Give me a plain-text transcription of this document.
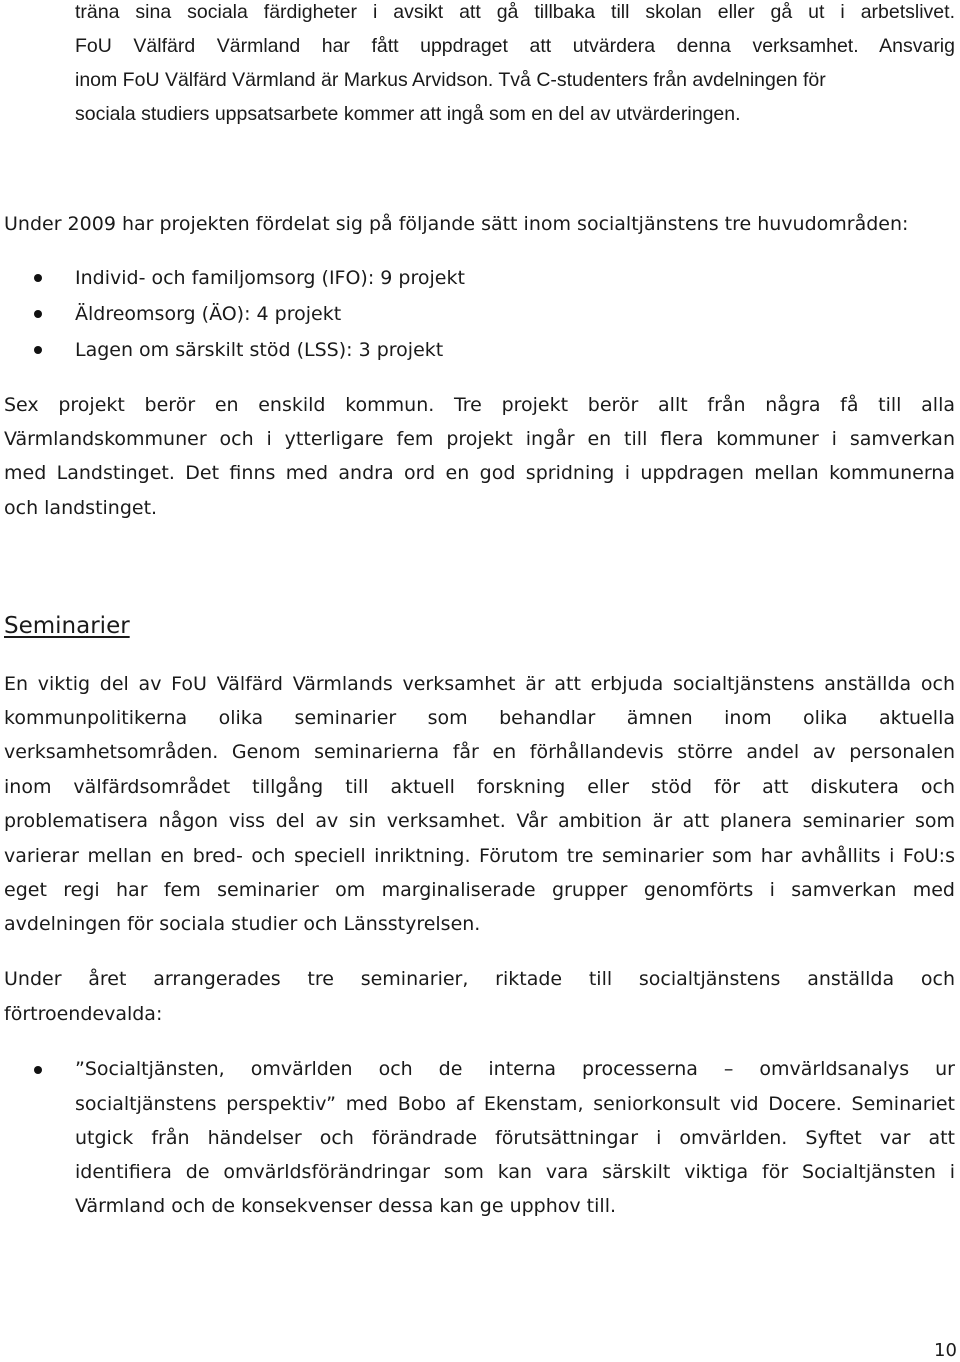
träna sina sociala färdigheter i avsikt att gå tillbaka till skolan eller gå ut i arbetslivet.
FoU Välfärd Värmland har fått uppdraget att utvärdera denna verksamhet. Ansvarig
inom FoU Välfärd Värmland är Markus Arvidson. Två C-studenters från avdelningen för
sociala studiers uppsatsarbete kommer att ingå som en del av utvärderingen.
Under 2009 har projekten fördelat sig på följande sätt inom socialtjänstens tre huvudområden:
Individ- och familjomsorg (IFO): 9 projekt
Äldreomsorg (ÄO): 4 projekt
Lagen om särskilt stöd (LSS): 3 projekt
Sex projekt berör en enskild kommun. Tre projekt berör allt från några få till alla
Värmlandskommuner och i ytterligare fem projekt ingår en till flera kommuner i samverkan
med Landstinget. Det finns med andra ord en god spridning i uppdragen mellan kommunerna
och landstinget.
Seminarier
En viktig del av FoU Välfärd Värmlands verksamhet är att erbjuda socialtjänstens anställda och
kommunpolitikerna olika seminarier som behandlar ämnen inom olika aktuella
verksamhetsområden. Genom seminarierna får en förhållandevis större andel av personalen
inom välfärdsområdet tillgång till aktuell forskning eller stöd för att diskutera och
problematisera någon viss del av sin verksamhet. Vår ambition är att planera seminarier som
varierar mellan en bred- och speciell inriktning. Förutom tre seminarier som har avhållits i FoU:s
eget regi har fem seminarier om marginaliserade grupper genomförts i samverkan med
avdelningen för sociala studier och Länsstyrelsen.
Under året arrangerades tre seminarier, riktade till socialtjänstens anställda och
förtroendevalda:
”Socialtjänsten, omvärlden och de interna processerna – omvärldsanalys ur
socialtjänstens perspektiv” med Bobo af Ekenstam, seniorkonsult vid Docere. Seminariet
utgick från händelser och förändrade förutsättningar i omvärlden. Syftet var att
identifiera de omvärldsförändringar som kan vara särskilt viktiga för Socialtjänsten i
Värmland och de konsekvenser dessa kan ge upphov till.
10
